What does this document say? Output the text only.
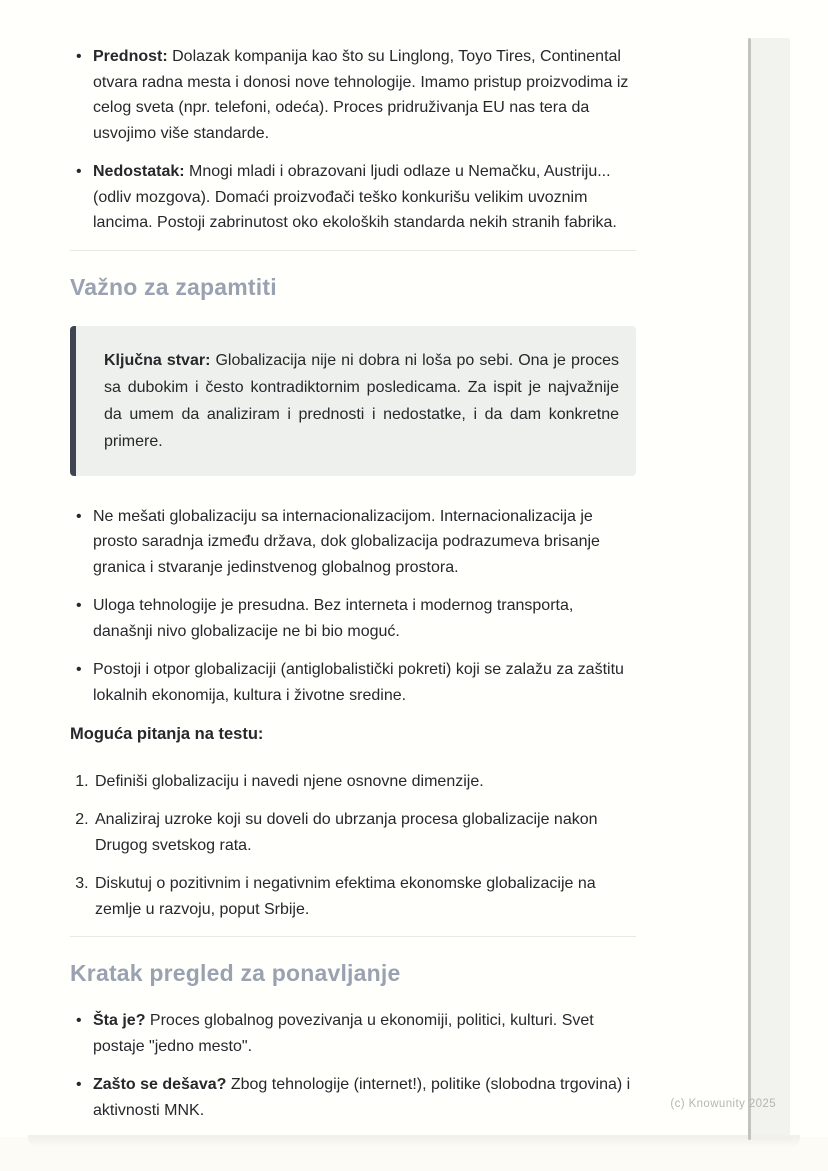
• Prednost: Dolazak kompanija kao što su Linglong, Toyo Tires, Continental otvara radna mesta i donosi nove tehnologije. Imamo pristup proizvodima iz celog sveta (npr. telefoni, odeća). Proces pridruživanja EU nas tera da usvojimo više standarde.
• Nedostatak: Mnogi mladi i obrazovani ljudi odlaze u Nemačku, Austriju... (odliv mozgova). Domaći proizvođači teško konkurišu velikim uvoznim lancima. Postoji zabrinutost oko ekoloških standarda nekih stranih fabrika.
Važno za zapamtiti
Ključna stvar: Globalizacija nije ni dobra ni loša po sebi. Ona je proces sa dubokim i često kontradiktornim posledicama. Za ispit je najvažnije da umem da analiziram i prednosti i nedostatke, i da dam konkretne primere.
• Ne mešati globalizaciju sa internacionalizacijom. Internacionalizacija je prosto saradnja između država, dok globalizacija podrazumeva brisanje granica i stvaranje jedinstvenog globalnog prostora.
• Uloga tehnologije je presudna. Bez interneta i modernog transporta, današnji nivo globalizacije ne bi bio moguć.
• Postoji i otpor globalizaciji (antiglobalistički pokreti) koji se zalažu za zaštitu lokalnih ekonomija, kultura i životne sredine.

Moguća pitanja na testu:

1. Definiši globalizaciju i navedi njene osnovne dimenzije.
2. Analiziraj uzroke koji su doveli do ubrzanja procesa globalizacije nakon Drugog svetskog rata.
3. Diskutuj o pozitivnim i negativnim efektima ekonomske globalizacije na zemlje u razvoju, poput Srbije.
Kratak pregled za ponavljanje
• Šta je? Proces globalnog povezivanja u ekonomiji, politici, kulturi. Svet postaje "jedno mesto".
• Zašto se dešava? Zbog tehnologije (internet!), politike (slobodna trgovina) i aktivnosti MNK.	(c) Knowunity 2025
